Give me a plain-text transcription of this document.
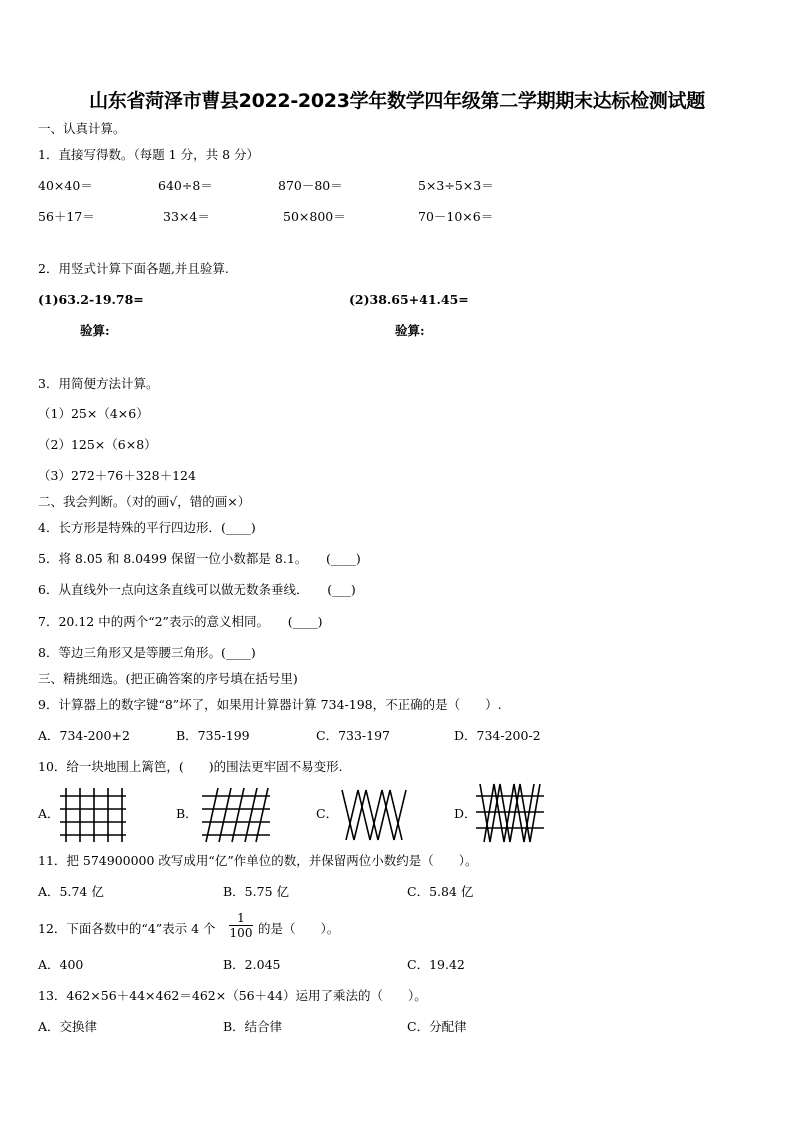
山东省菏泽市曹县2022-2023学年数学四年级第二学期期末达标检测试题
一、认真计算。
1．直接写得数。（每题 1 分，共 8 分）
40×40＝	640÷8＝	870－80＝	5×3÷5×3＝
56＋17＝	33×4＝	50×800＝	70－10×6＝
2．用竖式计算下面各题,并且验算.
(1)63.2-19.78=	(2)38.65+41.45=
验算:	验算:
3．用简便方法计算。
（1）25×（4×6）
（2）125×（6×8）
（3）272＋76＋328＋124
二、我会判断。（对的画√，错的画×）
4．长方形是特殊的平行四边形．(____)
5．将 8.05 和 8.0499 保留一位小数都是 8.1。　　(____)
6．从直线外一点向这条直线可以做无数条垂线．　　(___)
7．20.12 中的两个“2”表示的意义相同。　　(____)
8．等边三角形又是等腰三角形。(____)
三、精挑细选。(把正确答案的序号填在括号里)
9．计算器上的数字键“8”坏了，如果用计算器计算 734-198，不正确的是（　　）.
A．734-200+2	B．735-199	C．733-197	D．734-200-2
10．给一块地围上篱笆，(　　)的围法更牢固不易变形.
A．	B．	C．	D．
11．把 574900000 改写成用“亿”作单位的数，并保留两位小数约是（　　）。
A．5.74 亿	B．5.75 亿	C．5.84 亿
12．下面各数中的“4”表示 4 个
1
100 的是（　　）。
A．400	B．2.045	C．19.42
13．462×56＋44×462＝462×（56＋44）运用了乘法的（　　）。
A．交换律	B．结合律	C．分配律
